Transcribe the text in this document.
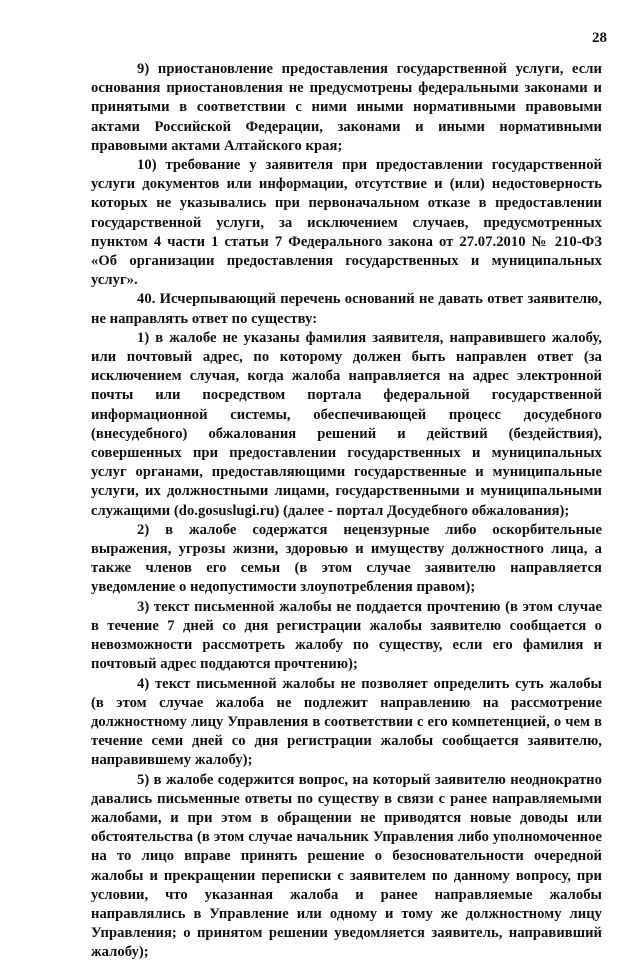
28

9) приостановление предоставления государственной услуги, если основания приостановления не предусмотрены федеральными законами и принятыми в соответствии с ними иными нормативными правовыми актами Российской Федерации, законами и иными нормативными правовыми актами Алтайского края;

10) требование у заявителя при предоставлении государственной услуги документов или информации, отсутствие и (или) недостоверность которых не указывались при первоначальном отказе в предоставлении государственной услуги, за исключением случаев, предусмотренных пунктом 4 части 1 статьи 7 Федерального закона от 27.07.2010 № 210-ФЗ «Об организации предоставления государственных и муниципальных услуг».

40. Исчерпывающий перечень оснований не давать ответ заявителю, не направлять ответ по существу:

1) в жалобе не указаны фамилия заявителя, направившего жалобу, или почтовый адрес, по которому должен быть направлен ответ (за исключением случая, когда жалоба направляется на адрес электронной почты или посредством портала федеральной государственной информационной системы, обеспечивающей процесс досудебного (внесудебного) обжалования решений и действий (бездействия), совершенных при предоставлении государственных и муниципальных услуг органами, предоставляющими государственные и муниципальные услуги, их должностными лицами, государственными и муниципальными служащими (do.gosuslugi.ru) (далее - портал Досудебного обжалования);

2) в жалобе содержатся нецензурные либо оскорбительные выражения, угрозы жизни, здоровью и имуществу должностного лица, а также членов его семьи (в этом случае заявителю направляется уведомление о недопустимости злоупотребления правом);

3) текст письменной жалобы не поддается прочтению (в этом случае в течение 7 дней со дня регистрации жалобы заявителю сообщается о невозможности рассмотреть жалобу по существу, если его фамилия и почтовый адрес поддаются прочтению);

4) текст письменной жалобы не позволяет определить суть жалобы (в этом случае жалоба не подлежит направлению на рассмотрение должностному лицу Управления в соответствии с его компетенцией, о чем в течение семи дней со дня регистрации жалобы сообщается заявителю, направившему жалобу);

5) в жалобе содержится вопрос, на который заявителю неоднократно давались письменные ответы по существу в связи с ранее направляемыми жалобами, и при этом в обращении не приводятся новые доводы или обстоятельства (в этом случае начальник Управления либо уполномоченное на то лицо вправе принять решение о безосновательности очередной жалобы и прекращении переписки с заявителем по данному вопросу, при условии, что указанная жалоба и ранее направляемые жалобы направлялись в Управление или одному и тому же должностному лицу Управления; о принятом решении уведомляется заявитель, направивший жалобу);
